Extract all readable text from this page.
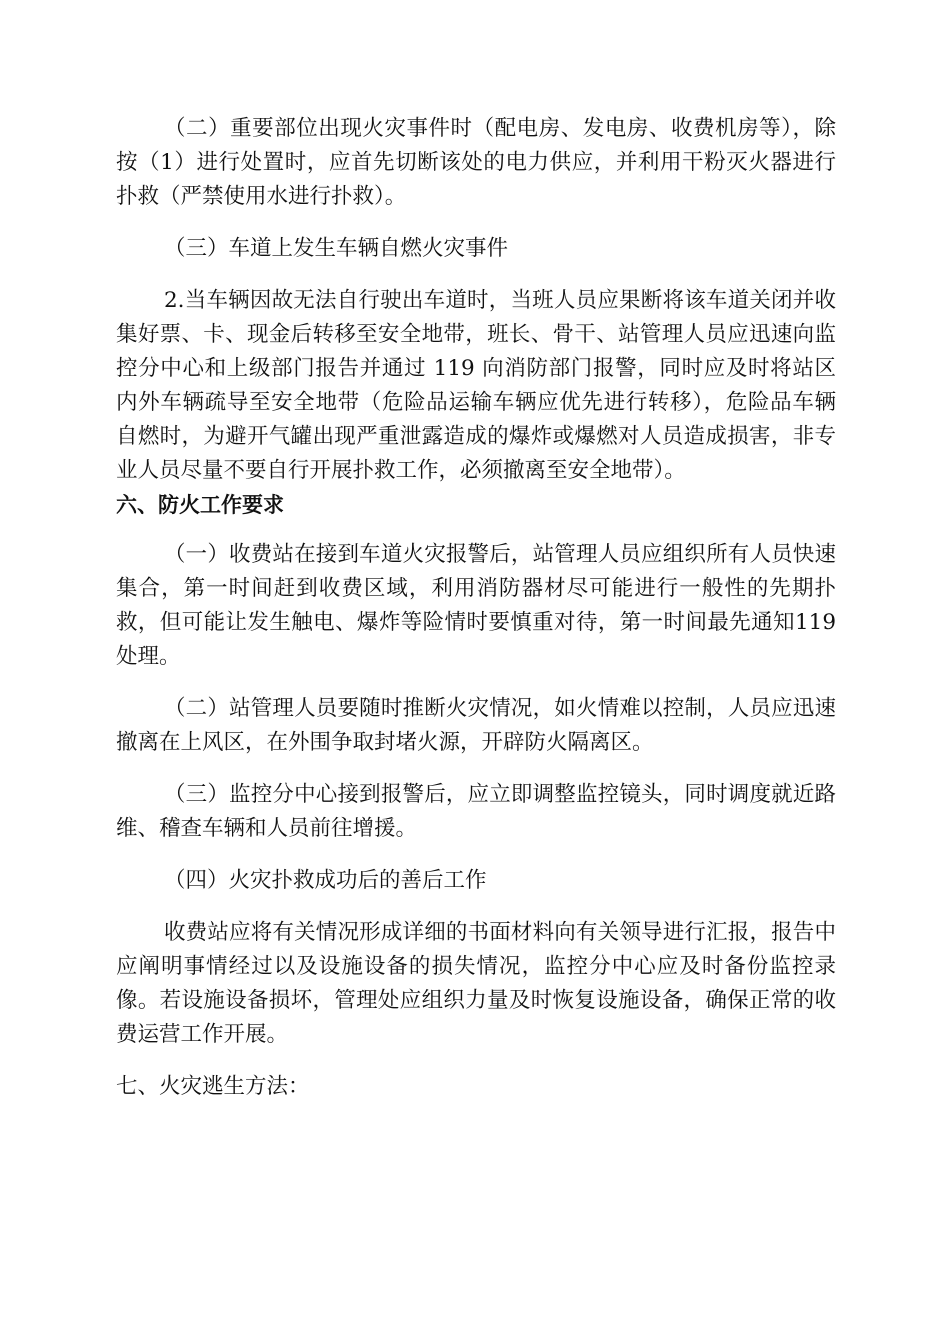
（二）重要部位出现火灾事件时（配电房、发电房、收费机房等），除按（1）进行处置时，应首先切断该处的电力供应，并利用干粉灭火器进行扑救（严禁使用水进行扑救）。

（三）车道上发生车辆自燃火灾事件

2.当车辆因故无法自行驶出车道时，当班人员应果断将该车道关闭并收集好票、卡、现金后转移至安全地带，班长、骨干、站管理人员应迅速向监控分中心和上级部门报告并通过 119 向消防部门报警，同时应及时将站区内外车辆疏导至安全地带（危险品运输车辆应优先进行转移），危险品车辆自燃时，为避开气罐出现严重泄露造成的爆炸或爆燃对人员造成损害，非专业人员尽量不要自行开展扑救工作，必须撤离至安全地带）。

六、防火工作要求

（一）收费站在接到车道火灾报警后，站管理人员应组织所有人员快速集合，第一时间赶到收费区域，利用消防器材尽可能进行一般性的先期扑救，但可能让发生触电、爆炸等险情时要慎重对待，第一时间最先通知119 处理。

（二）站管理人员要随时推断火灾情况，如火情难以控制，人员应迅速撤离在上风区，在外围争取封堵火源，开辟防火隔离区。

（三）监控分中心接到报警后，应立即调整监控镜头，同时调度就近路维、稽查车辆和人员前往增援。

（四）火灾扑救成功后的善后工作

收费站应将有关情况形成详细的书面材料向有关领导进行汇报，报告中应阐明事情经过以及设施设备的损失情况，监控分中心应及时备份监控录像。若设施设备损坏，管理处应组织力量及时恢复设施设备，确保正常的收费运营工作开展。

七、火灾逃生方法：
